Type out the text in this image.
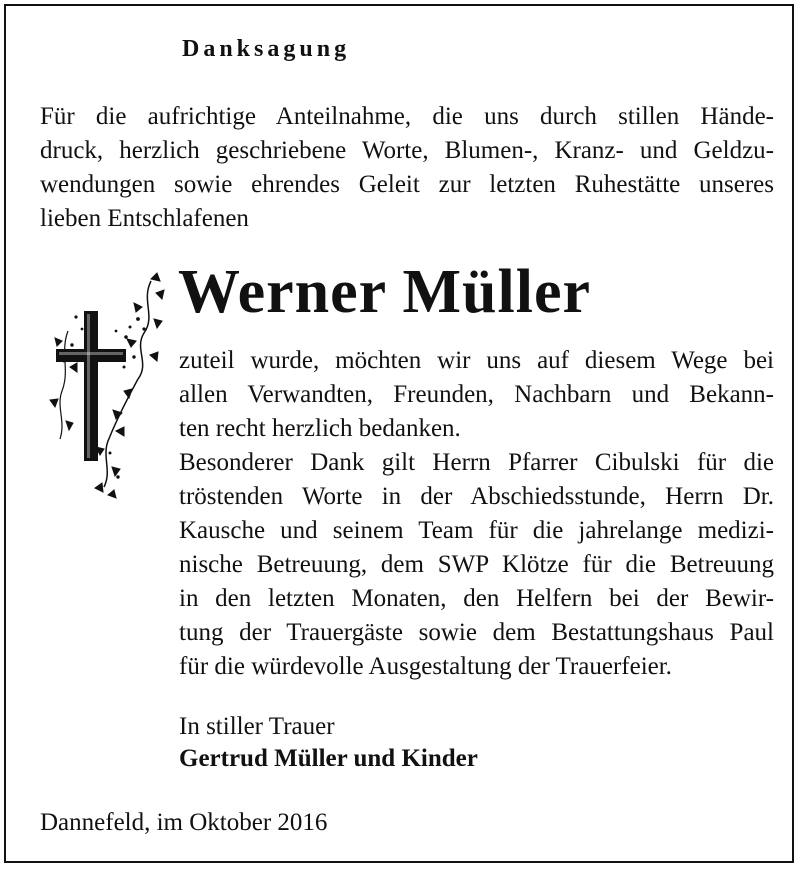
Danksagung

Für die aufrichtige Anteilnahme, die uns durch stillen Hände-
druck, herzlich geschriebene Worte, Blumen-, Kranz- und Geldzu-
wendungen sowie ehrendes Geleit zur letzten Ruhestätte unseres
lieben Entschlafenen

Werner Müller

zuteil wurde, möchten wir uns auf diesem Wege bei
allen Verwandten, Freunden, Nachbarn und Bekann-
ten recht herzlich bedanken.
Besonderer Dank gilt Herrn Pfarrer Cibulski für die
tröstenden Worte in der Abschiedsstunde, Herrn Dr.
Kausche und seinem Team für die jahrelange medizi-
nische Betreuung, dem SWP Klötze für die Betreuung
in den letzten Monaten, den Helfern bei der Bewir-
tung der Trauergäste sowie dem Bestattungshaus Paul
für die würdevolle Ausgestaltung der Trauerfeier.

In stiller Trauer

Gertrud Müller und Kinder

Dannefeld, im Oktober 2016
